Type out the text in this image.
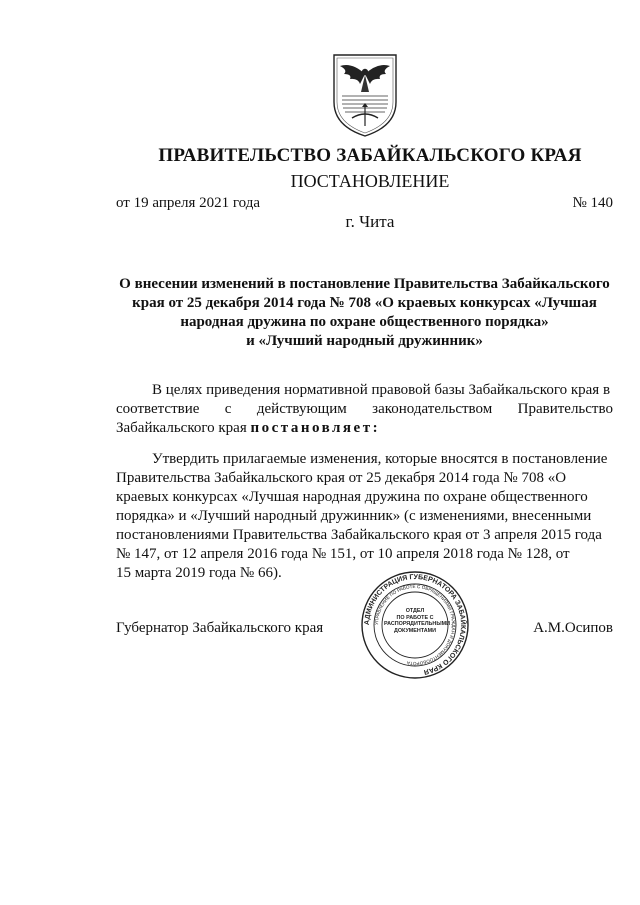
ПРАВИТЕЛЬСТВО ЗАБАЙКАЛЬСКОГО КРАЯ
ПОСТАНОВЛЕНИЕ
от 19 апреля 2021 года	№ 140
г. Чита
О внесении изменений в постановление Правительства Забайкальского
края от 25 декабря 2014 года № 708 «О краевых конкурсах «Лучшая
народная дружина по охране общественного порядка»
и «Лучший народный дружинник»
В целях приведения нормативной правовой базы Забайкальского края в
соответствие с действующим законодательством Правительство
Забайкальского края постановляет:
Утвердить прилагаемые изменения, которые вносятся в постановление
Правительства Забайкальского края от 25 декабря 2014 года № 708 «О
краевых конкурсах «Лучшая народная дружина по охране общественного
порядка» и «Лучший народный дружинник» (с изменениями, внесенными
постановлениями Правительства Забайкальского края от 3 апреля 2015 года
№ 147, от 12 апреля 2016 года № 151, от 10 апреля 2018 года № 128, от
15 марта 2019 года № 66).
Губернатор Забайкальского края	А.М.Осипов
АДМИНИСТРАЦИЯ ГУБЕРНАТОРА ЗАБАЙКАЛЬСКОГО КРАЯ
УПРАВЛЕНИЕ ПО РАБОТЕ С ОБРАЩЕНИЯМИ ГРАЖДАН И ДОКУМЕНТООБОРОТА
ОТДЕЛ
ПО РАБОТЕ С
РАСПОРЯДИТЕЛЬНЫМИ
ДОКУМЕНТАМИ
